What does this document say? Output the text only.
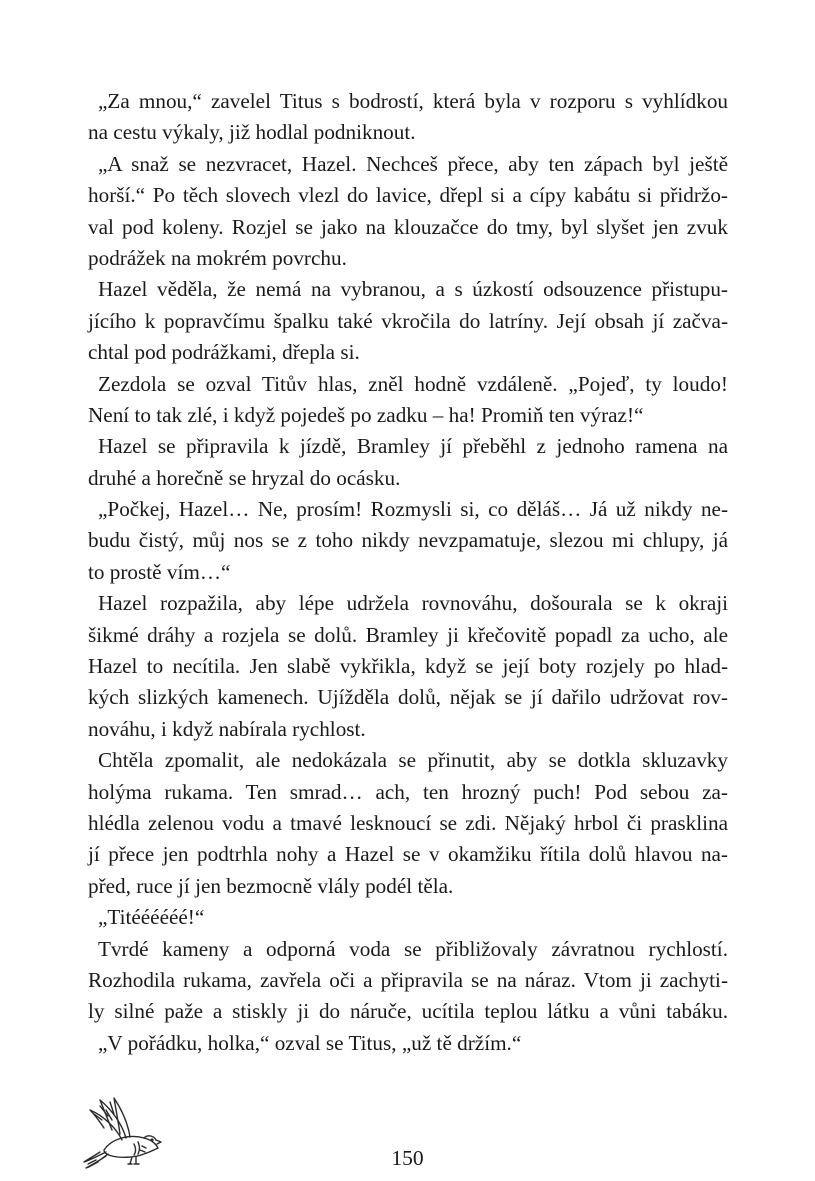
„Za mnou,“ zavelel Titus s bodrostí, která byla v rozporu s vyhlídkou
na cestu výkaly, již hodlal podniknout.
„A snaž se nezvracet, Hazel. Nechceš přece, aby ten zápach byl ještě
horší.“ Po těch slovech vlezl do lavice, dřepl si a cípy kabátu si přidržo-
val pod koleny. Rozjel se jako na klouzačce do tmy, byl slyšet jen zvuk
podrážek na mokrém povrchu.
Hazel věděla, že nemá na vybranou, a s úzkostí odsouzence přistupu-
jícího k popravčímu špalku také vkročila do latríny. Její obsah jí začva-
chtal pod podrážkami, dřepla si.
Zezdola se ozval Titův hlas, zněl hodně vzdáleně. „Pojeď, ty loudo!
Není to tak zlé, i když pojedeš po zadku – ha! Promiň ten výraz!“
Hazel se připravila k jízdě, Bramley jí přeběhl z jednoho ramena na
druhé a horečně se hryzal do ocásku.
„Počkej, Hazel… Ne, prosím! Rozmysli si, co děláš… Já už nikdy ne-
budu čistý, můj nos se z toho nikdy nevzpamatuje, slezou mi chlupy, já
to prostě vím…“
Hazel rozpažila, aby lépe udržela rovnováhu, došourala se k okraji
šikmé dráhy a rozjela se dolů. Bramley ji křečovitě popadl za ucho, ale
Hazel to necítila. Jen slabě vykřikla, když se její boty rozjely po hlad-
kých slizkých kamenech. Ujížděla dolů, nějak se jí dařilo udržovat rov-
nováhu, i když nabírala rychlost.
Chtěla zpomalit, ale nedokázala se přinutit, aby se dotkla skluzavky
holýma rukama. Ten smrad… ach, ten hrozný puch! Pod sebou za-
hlédla zelenou vodu a tmavé lesknoucí se zdi. Nějaký hrbol či prasklina
jí přece jen podtrhla nohy a Hazel se v okamžiku řítila dolů hlavou na-
před, ruce jí jen bezmocně vlály podél těla.
„Titéééééé!“
Tvrdé kameny a odporná voda se přibližovaly závratnou rychlostí.
Rozhodila rukama, zavřela oči a připravila se na náraz. Vtom ji zachyti-
ly silné paže a stiskly ji do náruče, ucítila teplou látku a vůni tabáku.
„V pořádku, holka,“ ozval se Titus, „už tě držím.“
150
